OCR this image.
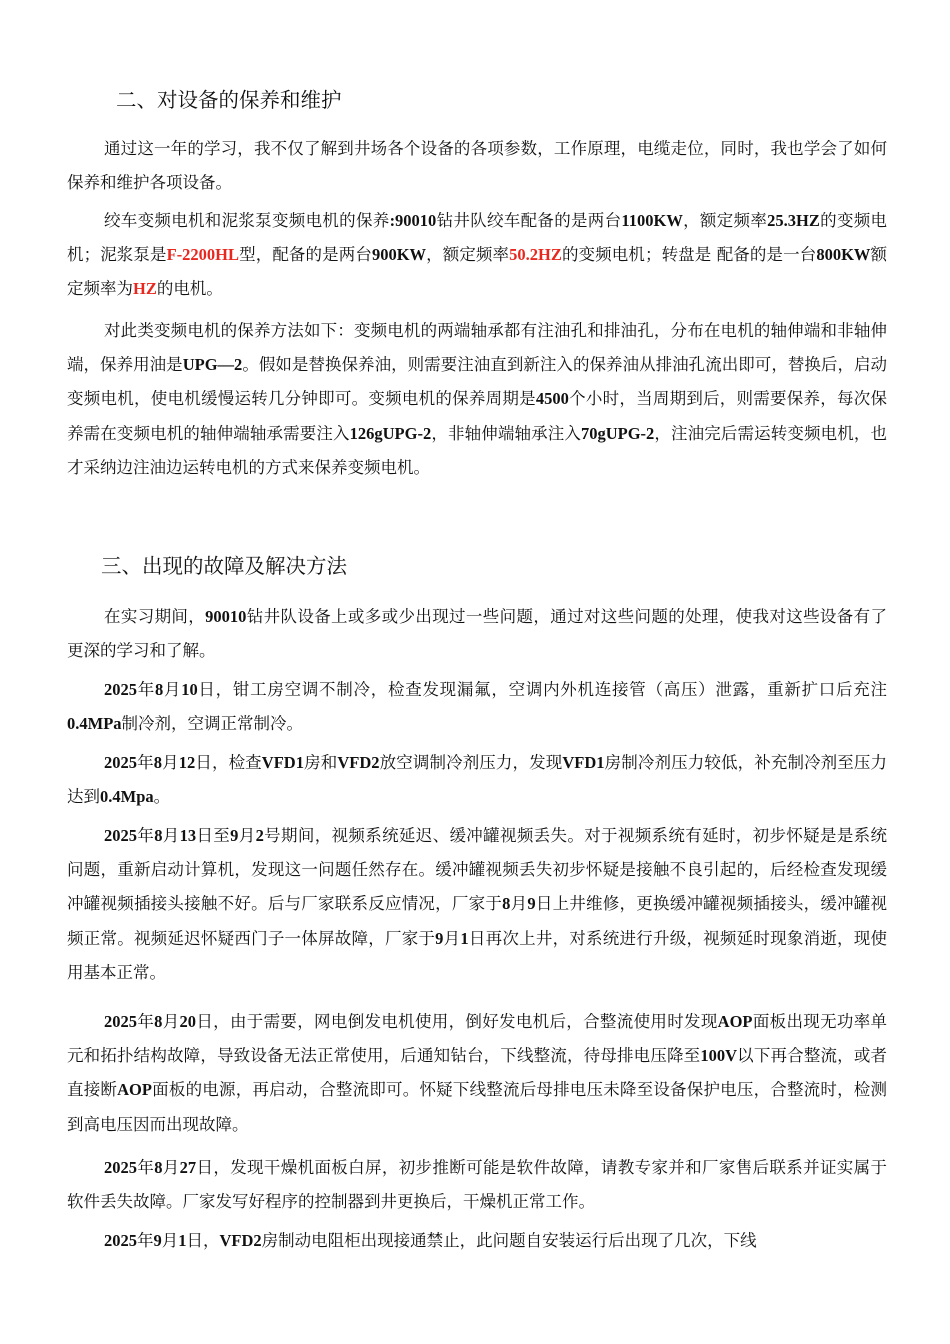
二、对设备的保养和维护

通过这一年的学习，我不仅了解到井场各个设备的各项参数，工作原理，电缆走位，同时，我也学会了如何保养和维护各项设备。

绞车变频电机和泥浆泵变频电机的保养:90010钻井队绞车配备的是两台1100KW，额定频率25.3HZ的变频电机；泥浆泵是F-2200HL型，配备的是两台900KW，额定频率50.2HZ的变频电机；转盘是 配备的是一台800KW额定频率为HZ的电机。

对此类变频电机的保养方法如下：变频电机的两端轴承都有注油孔和排油孔，分布在电机的轴伸端和非轴伸端，保养用油是UPG—2。假如是替换保养油，则需要注油直到新注入的保养油从排油孔流出即可，替换后，启动变频电机，使电机缓慢运转几分钟即可。变频电机的保养周期是4500个小时，当周期到后，则需要保养，每次保养需在变频电机的轴伸端轴承需要注入126gUPG-2，非轴伸端轴承注入70gUPG-2，注油完后需运转变频电机，也才采纳边注油边运转电机的方式来保养变频电机。

三、出现的故障及解决方法

在实习期间，90010钻井队设备上或多或少出现过一些问题，通过对这些问题的处理，使我对这些设备有了更深的学习和了解。

2025年8月10日，钳工房空调不制冷，检查发现漏氟，空调内外机连接管（高压）泄露，重新扩口后充注0.4MPa制冷剂，空调正常制冷。

2025年8月12日，检查VFD1房和VFD2放空调制冷剂压力，发现VFD1房制冷剂压力较低，补充制冷剂至压力达到0.4Mpa。

2025年8月13日至9月2号期间，视频系统延迟、缓冲罐视频丢失。对于视频系统有延时，初步怀疑是是系统问题，重新启动计算机，发现这一问题任然存在。缓冲罐视频丢失初步怀疑是接触不良引起的，后经检查发现缓冲罐视频插接头接触不好。后与厂家联系反应情况，厂家于8月9日上井维修，更换缓冲罐视频插接头，缓冲罐视频正常。视频延迟怀疑西门子一体屏故障，厂家于9月1日再次上井，对系统进行升级，视频延时现象消逝，现使用基本正常。

2025年8月20日，由于需要，网电倒发电机使用，倒好发电机后，合整流使用时发现AOP面板出现无功率单元和拓扑结构故障，导致设备无法正常使用，后通知钻台，下线整流，待母排电压降至100V以下再合整流，或者直接断AOP面板的电源，再启动，合整流即可。怀疑下线整流后母排电压未降至设备保护电压，合整流时，检测到高电压因而出现故障。

2025年8月27日，发现干燥机面板白屏，初步推断可能是软件故障，请教专家并和厂家售后联系并证实属于软件丢失故障。厂家发写好程序的控制器到井更换后，干燥机正常工作。

2025年9月1日，VFD2房制动电阻柜出现接通禁止，此问题自安装运行后出现了几次，下线
